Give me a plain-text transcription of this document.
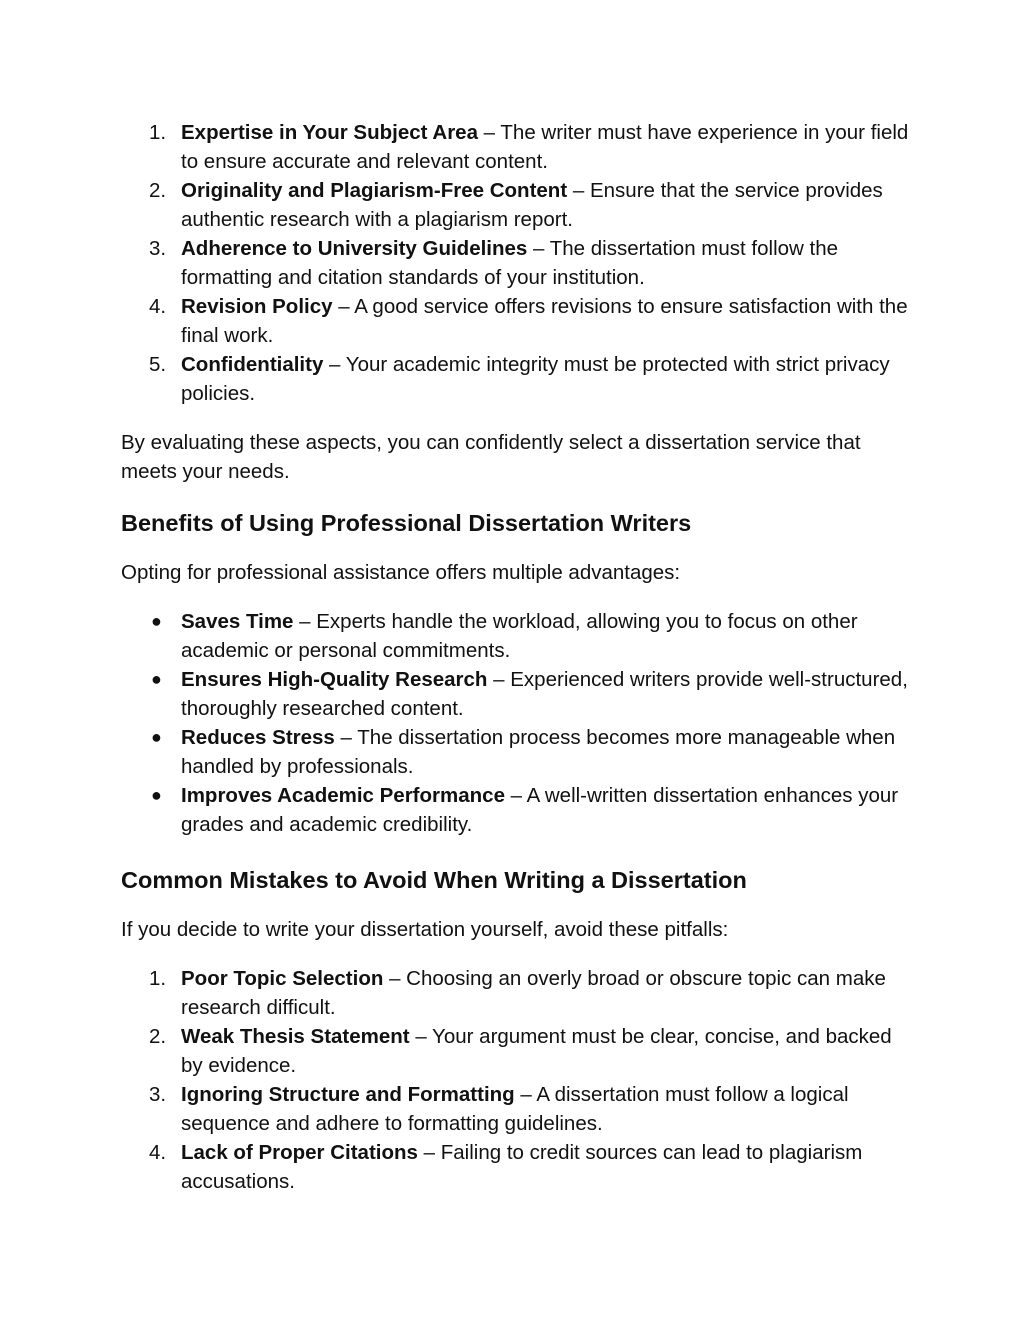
1. Expertise in Your Subject Area – The writer must have experience in your field to ensure accurate and relevant content.
2. Originality and Plagiarism-Free Content – Ensure that the service provides authentic research with a plagiarism report.
3. Adherence to University Guidelines – The dissertation must follow the formatting and citation standards of your institution.
4. Revision Policy – A good service offers revisions to ensure satisfaction with the final work.
5. Confidentiality – Your academic integrity must be protected with strict privacy policies.

By evaluating these aspects, you can confidently select a dissertation service that meets your needs.

Benefits of Using Professional Dissertation Writers

Opting for professional assistance offers multiple advantages:

● Saves Time – Experts handle the workload, allowing you to focus on other academic or personal commitments.
● Ensures High-Quality Research – Experienced writers provide well-structured, thoroughly researched content.
● Reduces Stress – The dissertation process becomes more manageable when handled by professionals.
● Improves Academic Performance – A well-written dissertation enhances your grades and academic credibility.
Common Mistakes to Avoid When Writing a Dissertation

If you decide to write your dissertation yourself, avoid these pitfalls:

1. Poor Topic Selection – Choosing an overly broad or obscure topic can make research difficult.
2. Weak Thesis Statement – Your argument must be clear, concise, and backed by evidence.
3. Ignoring Structure and Formatting – A dissertation must follow a logical sequence and adhere to formatting guidelines.
4. Lack of Proper Citations – Failing to credit sources can lead to plagiarism accusations.
